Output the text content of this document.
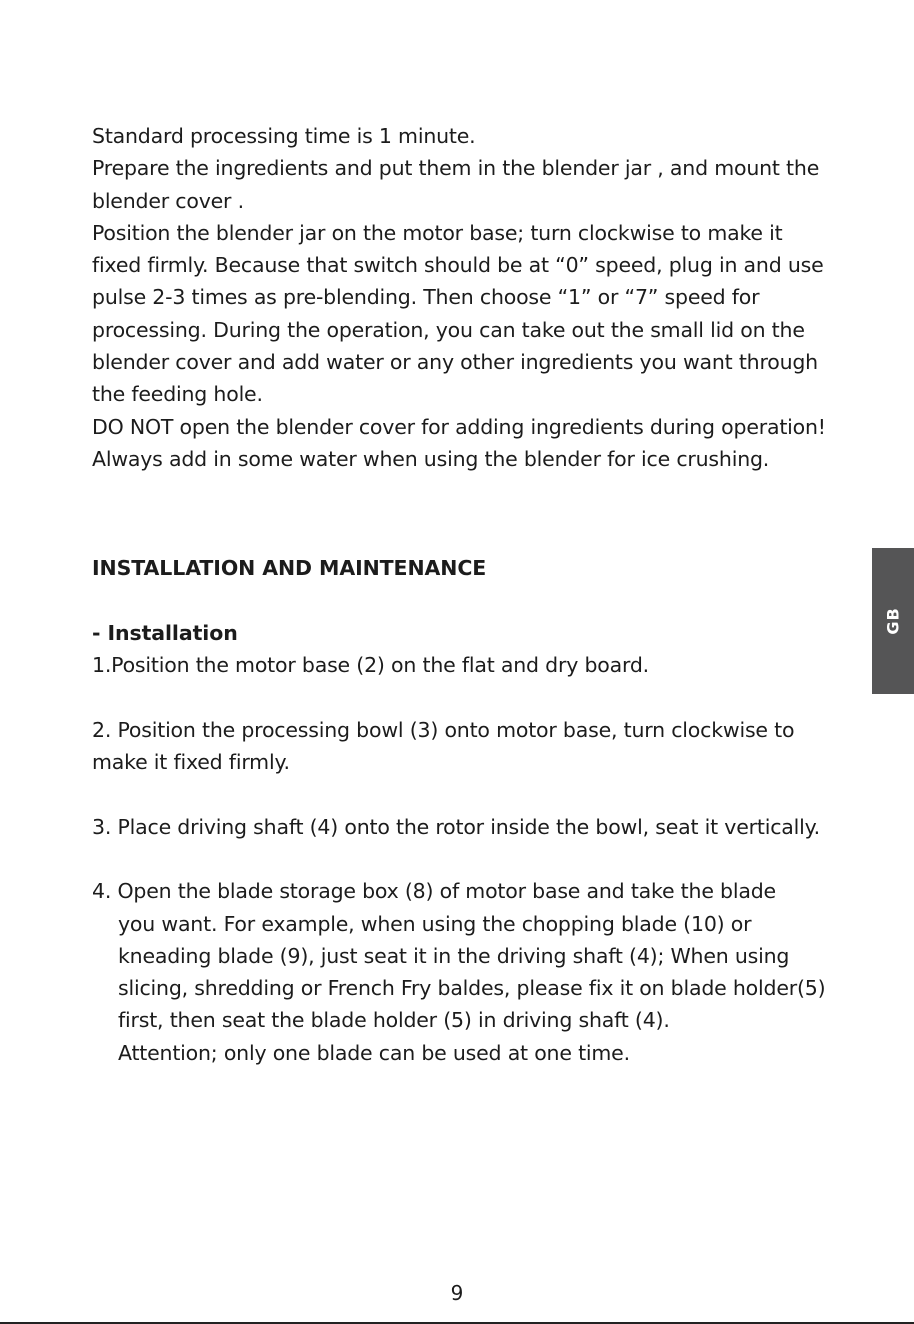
Standard processing time is 1 minute.

Prepare the ingredients and put them in the blender jar , and mount the blender cover .

Position the blender jar on the motor base; turn clockwise to make it fixed firmly. Because that switch should be at “0” speed, plug in and use pulse 2-3 times as pre-blending. Then choose “1” or “7” speed for processing. During the operation, you can take out the small lid on the blender cover and add water or any other ingredients you want through the feeding hole.

DO NOT open the blender cover for adding ingredients during operation!

Always add in some water when using the blender for ice crushing.

INSTALLATION AND MAINTENANCE

- Installation

1.Position the motor base (2) on the flat and dry board.

2. Position the processing bowl (3) onto motor base, turn clockwise to make it fixed firmly.

3. Place driving shaft (4) onto the rotor inside the bowl, seat it vertically.

4. Open the blade storage box (8) of motor base and take the blade

you want. For example, when using the chopping blade (10) or kneading blade (9), just seat it in the driving shaft (4); When using slicing, shredding or French Fry baldes, please fix it on blade holder(5) first, then seat the blade holder (5) in driving shaft (4).

Attention; only one blade can be used at one time.

GB
9
